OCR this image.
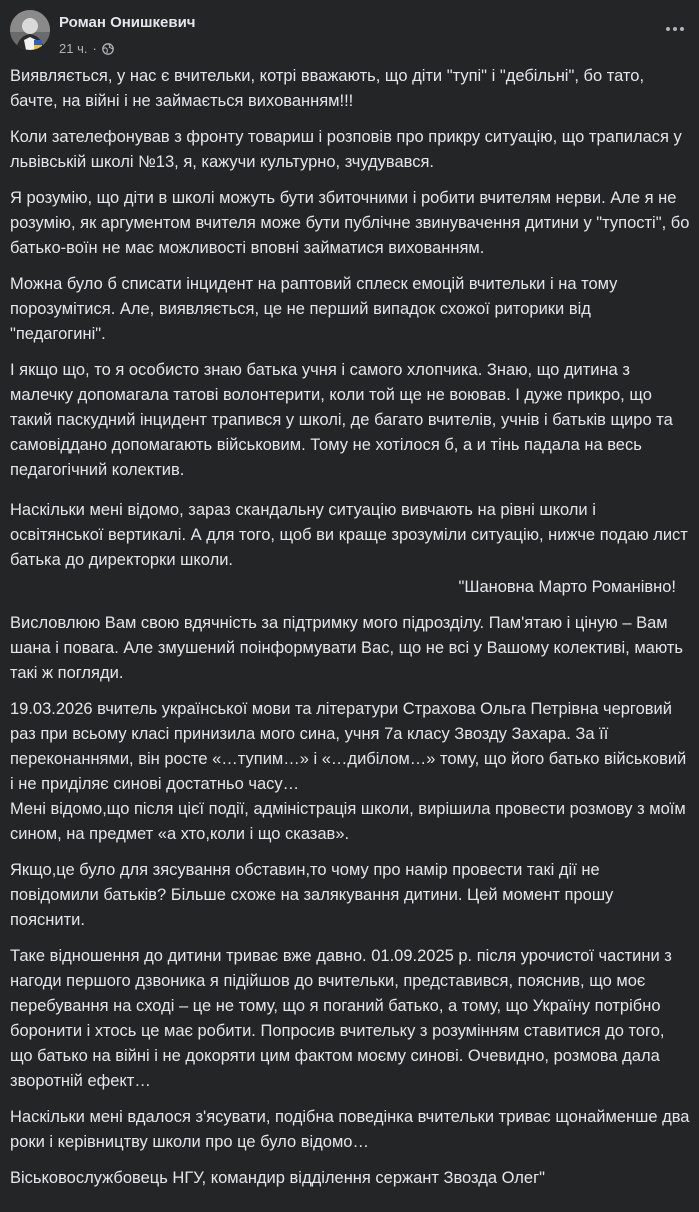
Роман Онишкевич
21 ч. ·

Виявляється, у нас є вчительки, котрі вважають, що діти "тупі" і "дебільні", бо тато, бачте, на війні і не займається вихованням!!!

Коли зателефонував з фронту товариш і розповів про прикру ситуацію, що трапилася у львівській школі №13, я, кажучи культурно, зчудувався.

Я розумію, що діти в школі можуть бути збиточними і робити вчителям нерви. Але я не розумію, як аргументом вчителя може бути публічне звинувачення дитини у "тупості", бо батько-воїн не має можливості вповні займатися вихованням.

Можна було б списати інцидент на раптовий сплеск емоцій вчительки і на тому порозумітися. Але, виявляється, це не перший випадок схожої риторики від "педагогині".

І якщо що, то я особисто знаю батька учня і самого хлопчика. Знаю, що дитина з малечку допомагала татові волонтерити, коли той ще не воював. І дуже прикро, що такий паскудний інцидент трапився у школі, де багато вчителів, учнів і батьків щиро та самовіддано допомагають військовим. Тому не хотілося б, а и тінь падала на весь педагогічний колектив.

Наскільки мені відомо, зараз скандальну ситуацію вивчають на рівні школи і освітянської вертикалі. А для того, щоб ви краще зрозуміли ситуацію, нижче подаю лист батька до директорки школи.

"Шановна Марто Романівно!

Висловлюю Вам свою вдячність за підтримку мого підрозділу. Пам'ятаю і ціную – Вам шана і повага. Але змушений поінформувати Вас, що не всі у Вашому колективі, мають такі ж погляди.

19.03.2026 вчитель української мови та літератури Страхова Ольга Петрівна черговий раз при всьому класі принизила мого сина, учня 7а класу Звозду Захара. За її переконаннями, він росте «…тупим…» і «…дибілом…» тому, що його батько військовий і не приділяє синові достатньо часу…
Мені відомо,що після цієї події, адміністрація школи, вирішила провести розмову з моїм сином, на предмет «а хто,коли і що сказав».

Якщо,це було для зясування обставин,то чому про намір провести такі дії не повідомили батьків? Більше схоже на залякування дитини. Цей момент прошу пояснити.

Таке відношення до дитини триває вже давно. 01.09.2025 р. після урочистої частини з нагоди першого дзвоника я підійшов до вчительки, представився, пояснив, що моє перебування на сході – це не тому, що я поганий батько, а тому, що Україну потрібно боронити і хтось це має робити. Попросив вчительку з розумінням ставитися до того, що батько на війні і не докоряти цим фактом моєму синові. Очевидно, розмова дала зворотній ефект…

Наскільки мені вдалося з'ясувати, подібна поведінка вчительки триває щонайменше два роки і керівництву школи про це було відомо…

Віськовослужбовець НГУ, командир відділення сержант Звозда Олег"
